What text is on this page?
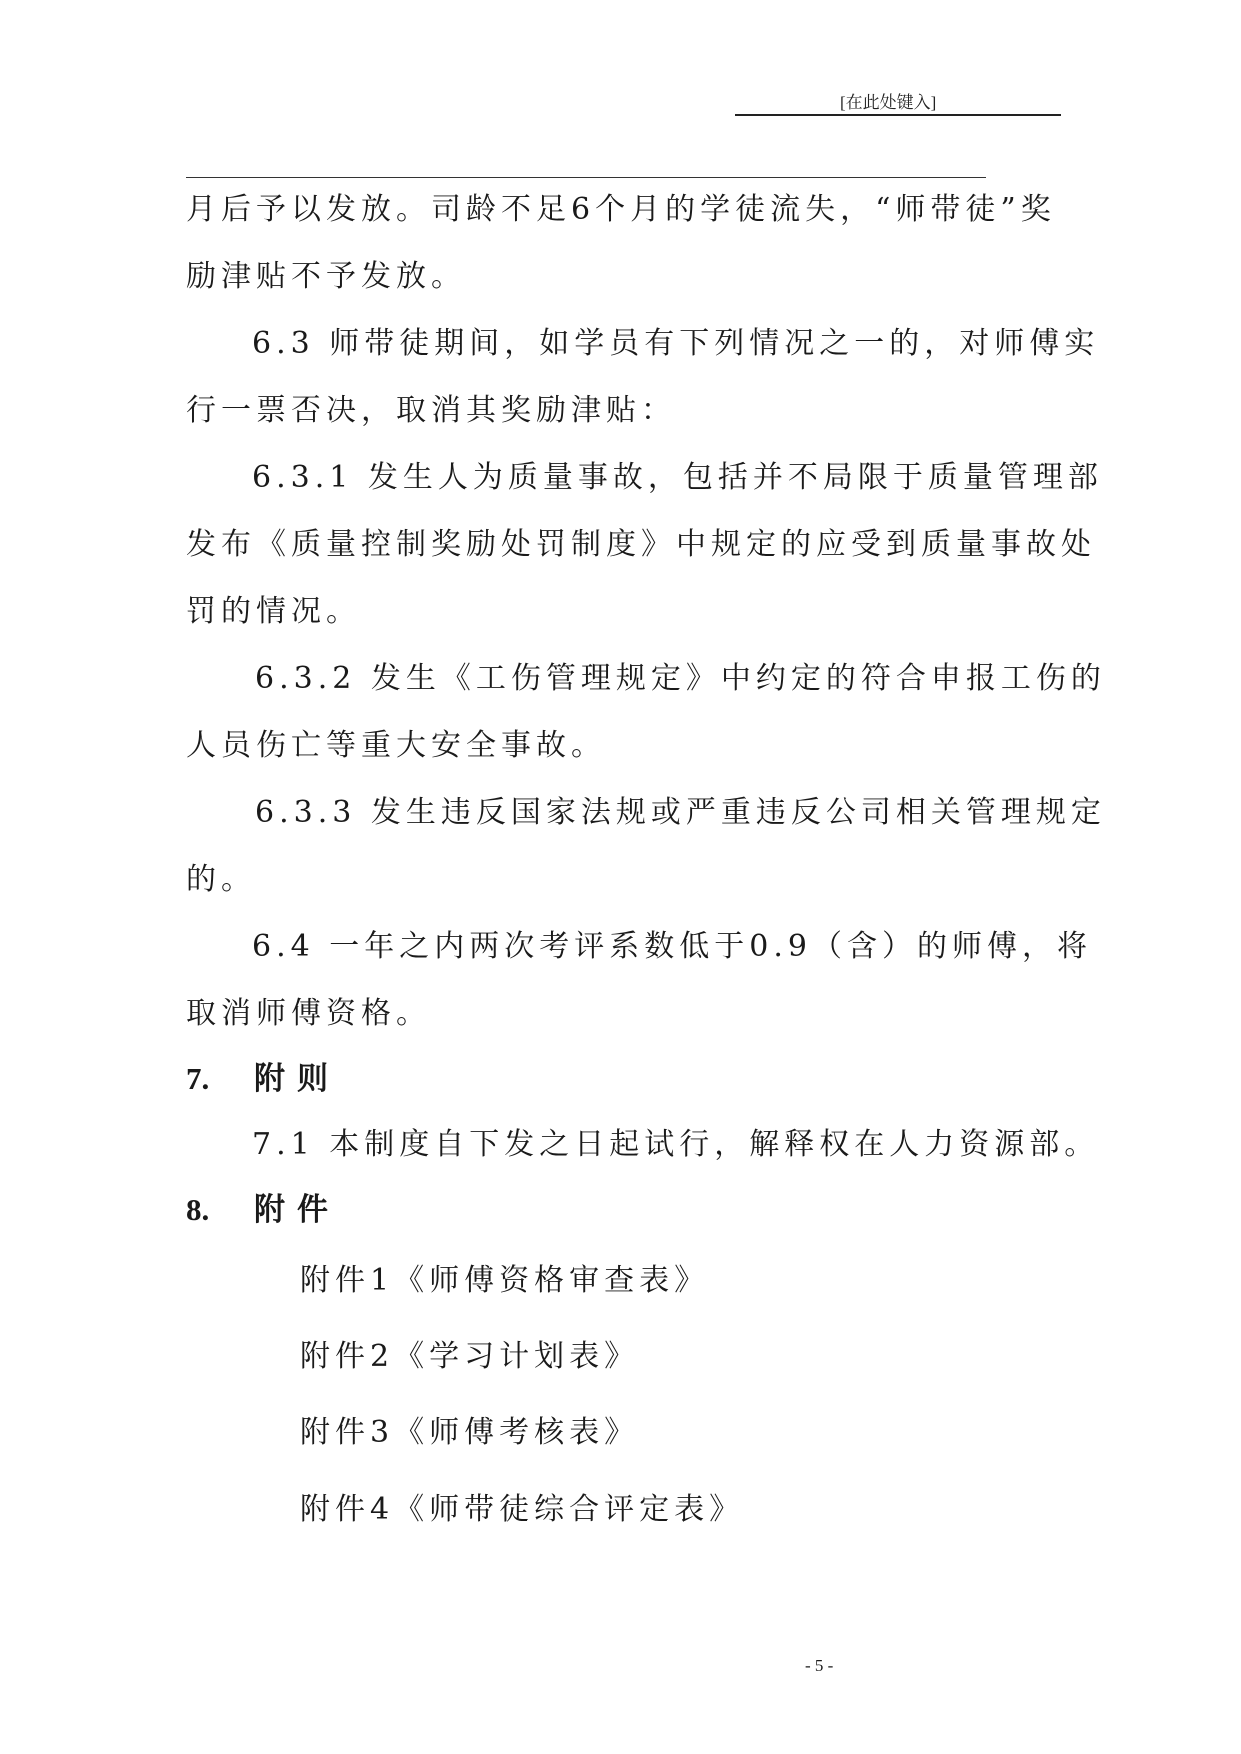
[在此处键入]
月后予以发放。司龄不足6个月的学徒流失，“师带徒”奖
励津贴不予发放。
6.3 师带徒期间，如学员有下列情况之一的，对师傅实
行一票否决，取消其奖励津贴：
6.3.1 发生人为质量事故，包括并不局限于质量管理部
发布《质量控制奖励处罚制度》中规定的应受到质量事故处
罚的情况。
6.3.2 发生《工伤管理规定》中约定的符合申报工伤的
人员伤亡等重大安全事故。
6.3.3 发生违反国家法规或严重违反公司相关管理规定
的。
6.4 一年之内两次考评系数低于0.9（含）的师傅，将
取消师傅资格。
7. 附则
7.1 本制度自下发之日起试行，解释权在人力资源部。
8. 附件
附件1《师傅资格审查表》
附件2《学习计划表》
附件3《师傅考核表》
附件4《师带徒综合评定表》
- 5 -
